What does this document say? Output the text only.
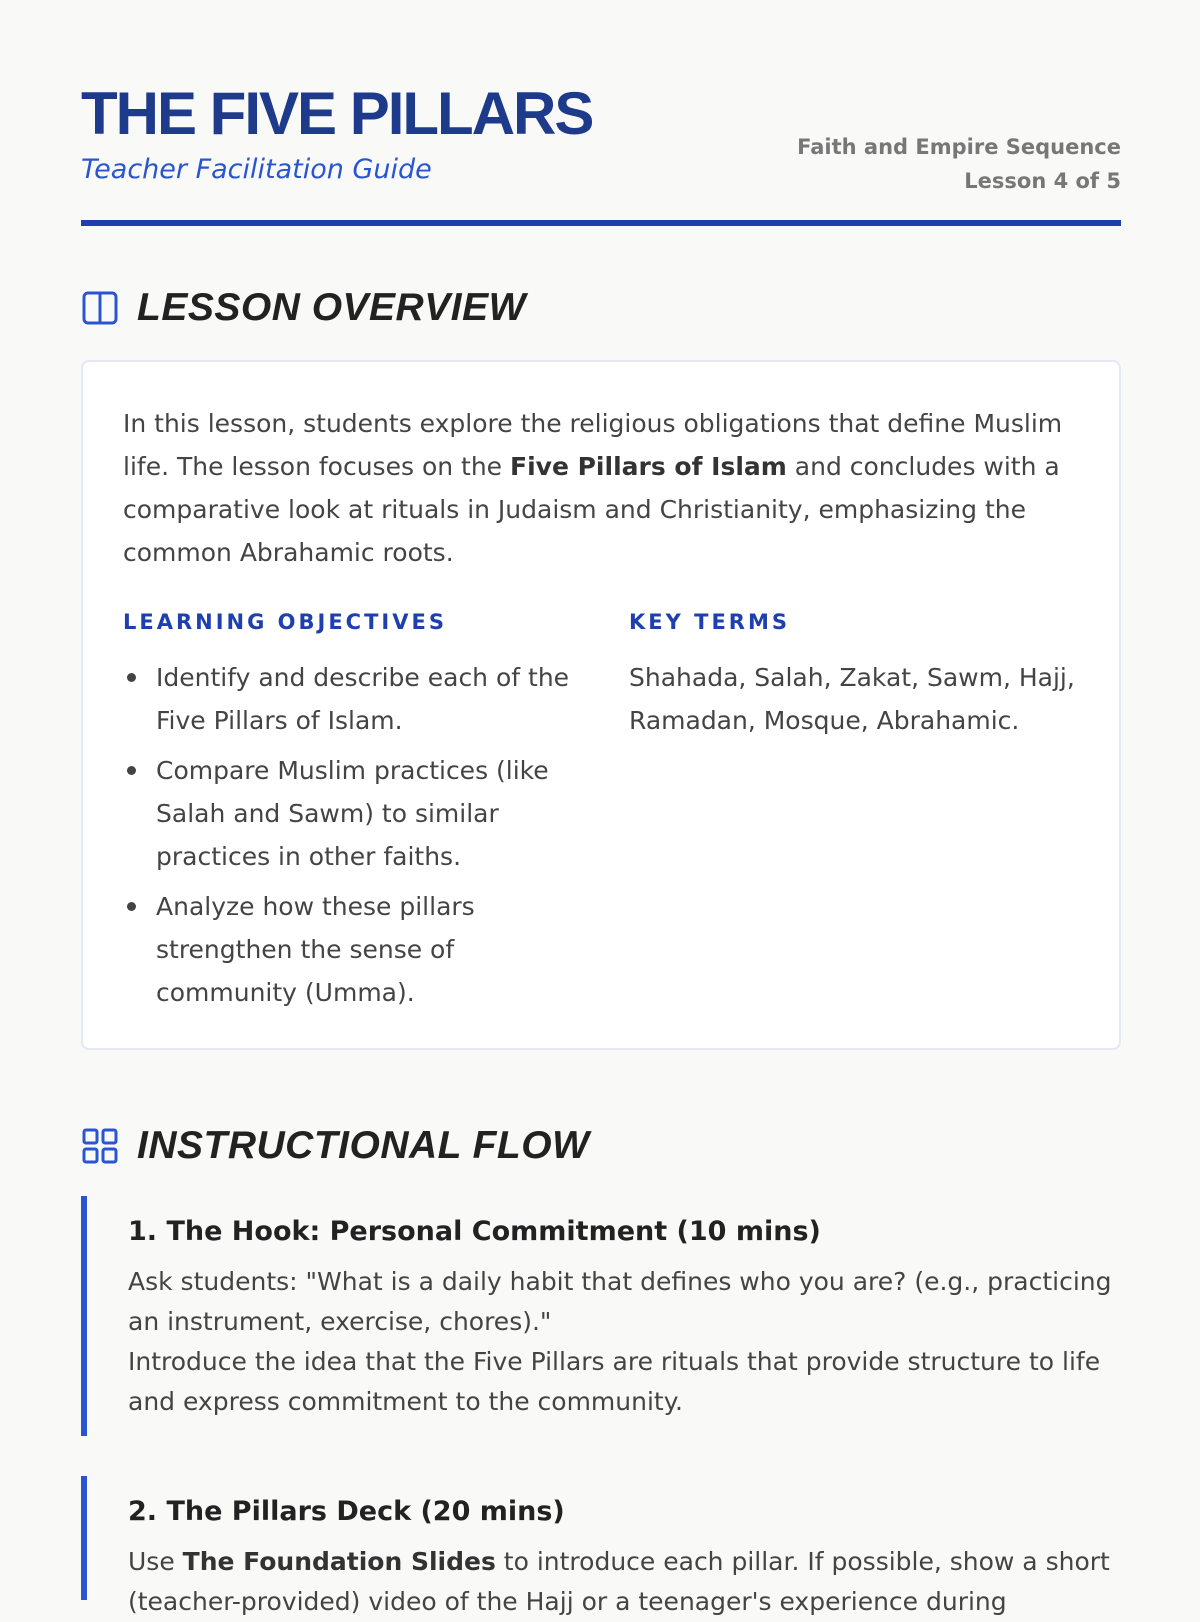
THE FIVE PILLARS
Teacher Facilitation Guide
Faith and Empire Sequence
Lesson 4 of 5
LESSON OVERVIEW

In this lesson, students explore the religious obligations that define Muslim life. The lesson focuses on the Five Pillars of Islam and concludes with a comparative look at rituals in Judaism and Christianity, emphasizing the common Abrahamic roots.

LEARNING OBJECTIVES
Identify and describe each of the Five Pillars of Islam.
Compare Muslim practices (like Salah and Sawm) to similar practices in other faiths.
Analyze how these pillars strengthen the sense of community (Umma).
KEY TERMS

Shahada, Salah, Zakat, Sawm, Hajj, Ramadan, Mosque, Abrahamic.

INSTRUCTIONAL FLOW
1. The Hook: Personal Commitment (10 mins)
Ask students: "What is a daily habit that defines who you are? (e.g., practicing an instrument, exercise, chores)."
Introduce the idea that the Five Pillars are rituals that provide structure to life and express commitment to the community.
2. The Pillars Deck (20 mins)
Use The Foundation Slides to introduce each pillar. If possible, show a short (teacher-provided) video of the Hajj or a teenager's experience during
